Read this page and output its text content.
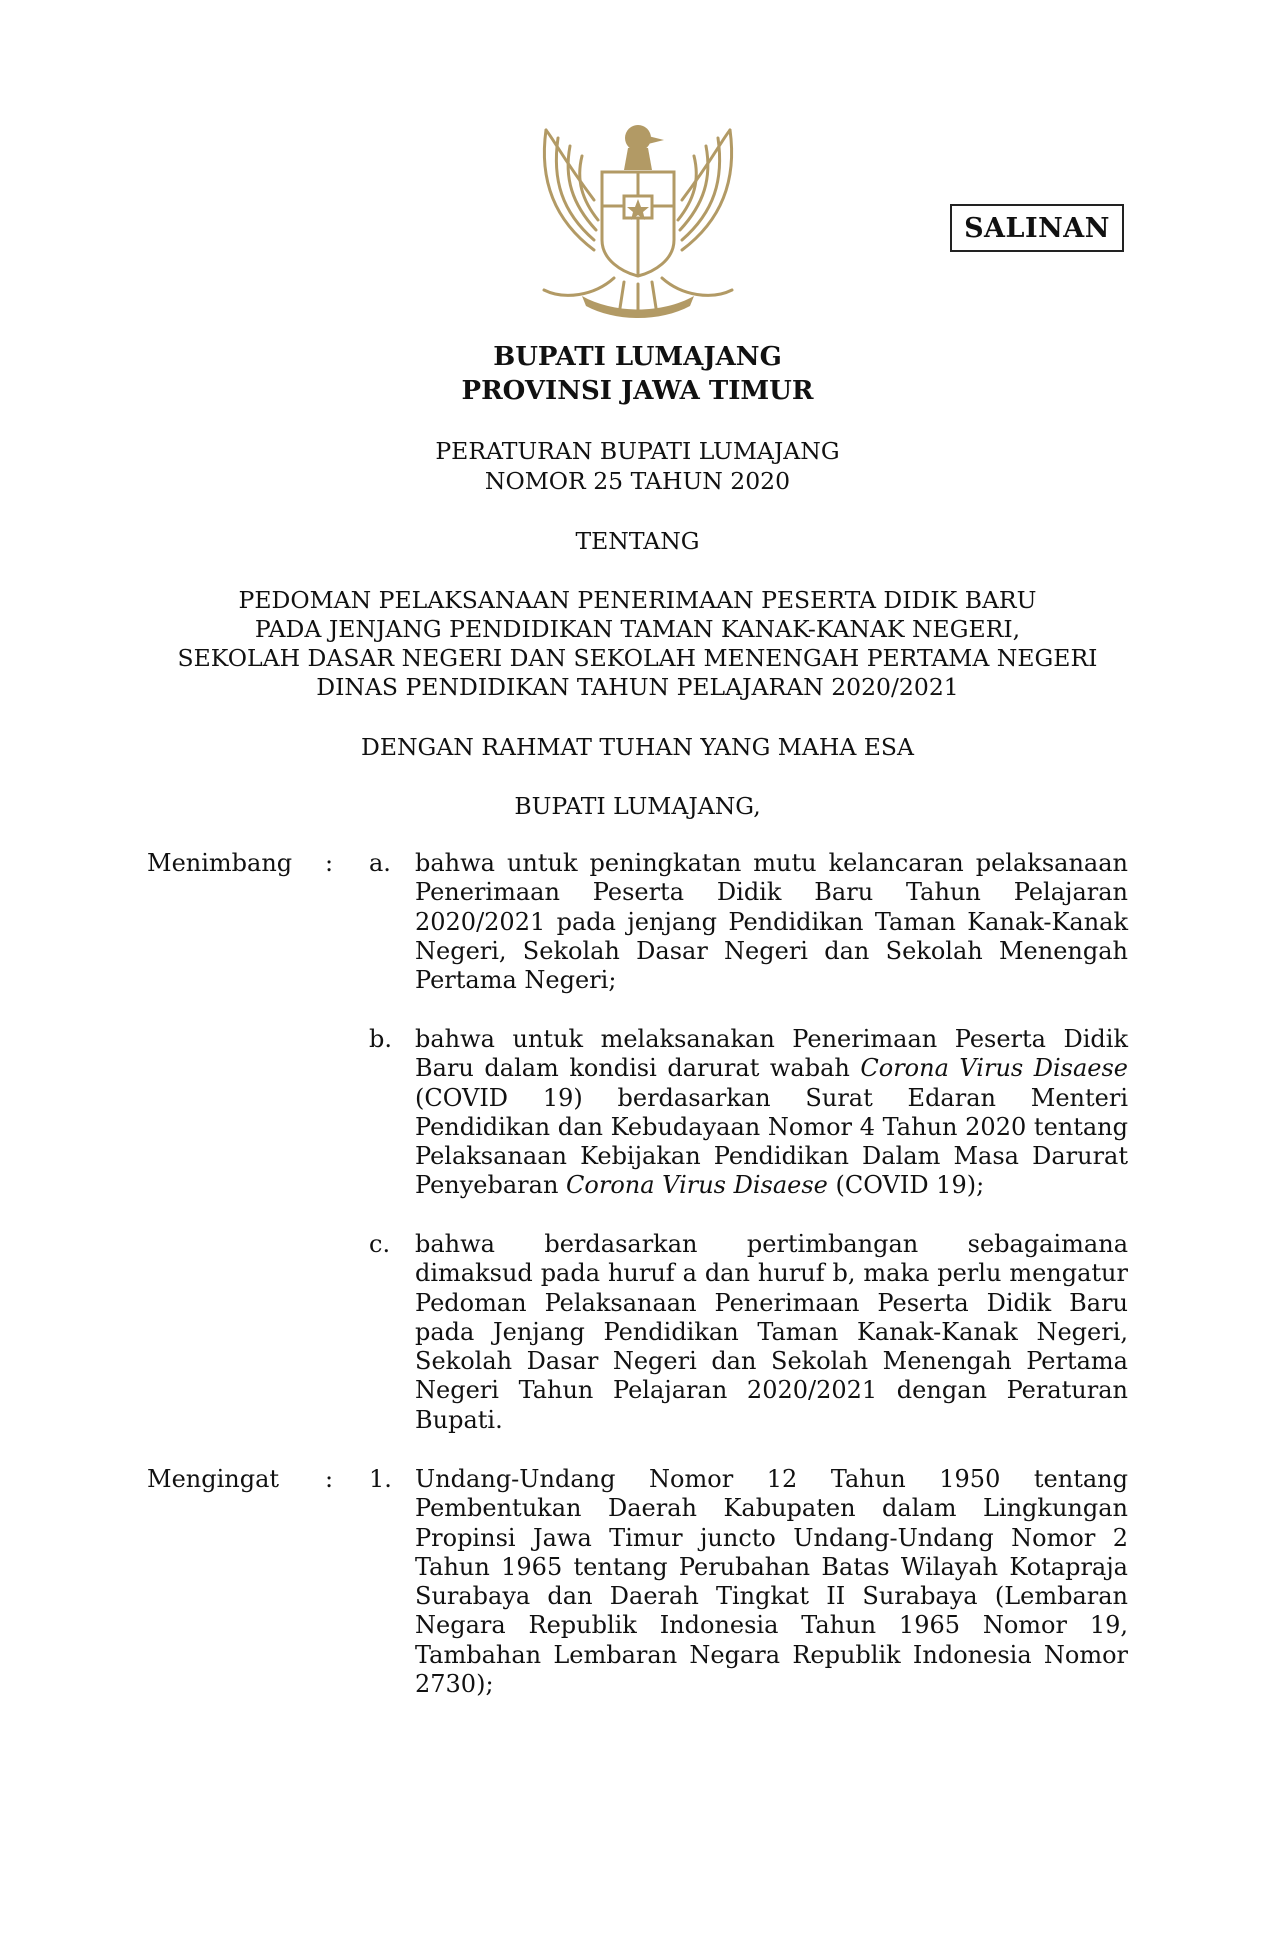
SALINAN
BUPATI LUMAJANG
PROVINSI JAWA TIMUR
PERATURAN BUPATI LUMAJANG
NOMOR 25 TAHUN 2020
TENTANG
PEDOMAN PELAKSANAAN PENERIMAAN PESERTA DIDIK BARU
PADA JENJANG PENDIDIKAN TAMAN KANAK-KANAK NEGERI,
SEKOLAH DASAR NEGERI DAN SEKOLAH MENENGAH PERTAMA NEGERI
DINAS PENDIDIKAN TAHUN PELAJARAN 2020/2021
DENGAN RAHMAT TUHAN YANG MAHA ESA
BUPATI LUMAJANG,
Menimbang : a. bahwa untuk peningkatan mutu kelancaran pelaksanaan Penerimaan Peserta Didik Baru Tahun Pelajaran 2020/2021 pada jenjang Pendidikan Taman Kanak-Kanak Negeri, Sekolah Dasar Negeri dan Sekolah Menengah Pertama Negeri;

b. bahwa untuk melaksanakan Penerimaan Peserta Didik Baru dalam kondisi darurat wabah Corona Virus Disaese (COVID 19) berdasarkan Surat Edaran Menteri Pendidikan dan Kebudayaan Nomor 4 Tahun 2020 tentang Pelaksanaan Kebijakan Pendidikan Dalam Masa Darurat Penyebaran Corona Virus Disaese (COVID 19);

c. bahwa berdasarkan pertimbangan sebagaimana dimaksud pada huruf a dan huruf b, maka perlu mengatur Pedoman Pelaksanaan Penerimaan Peserta Didik Baru pada Jenjang Pendidikan Taman Kanak-Kanak Negeri, Sekolah Dasar Negeri dan Sekolah Menengah Pertama Negeri Tahun Pelajaran 2020/2021 dengan Peraturan Bupati.

Mengingat : 1. Undang-Undang Nomor 12 Tahun 1950 tentang Pembentukan Daerah Kabupaten dalam Lingkungan Propinsi Jawa Timur juncto Undang-Undang Nomor 2 Tahun 1965 tentang Perubahan Batas Wilayah Kotapraja Surabaya dan Daerah Tingkat II Surabaya (Lembaran Negara Republik Indonesia Tahun 1965 Nomor 19, Tambahan Lembaran Negara Republik Indonesia Nomor 2730);
